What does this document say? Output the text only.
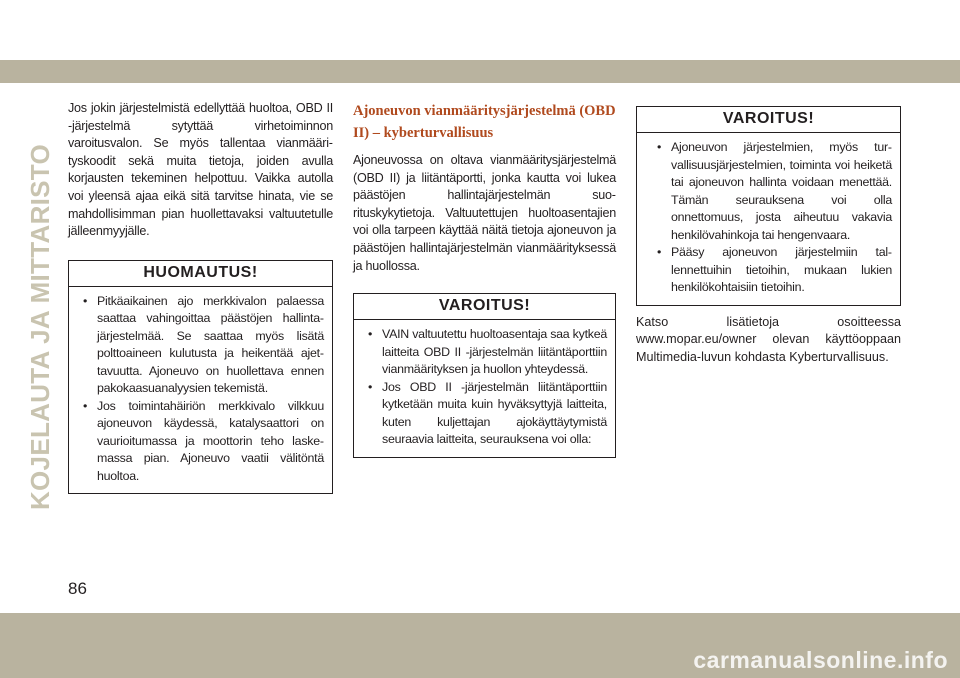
KOJELAUTA JA MITTARISTO

Jos jokin järjestelmistä edellyttää huoltoa, OBD II -järjestelmä sytyttää virhetoiminnon varoitusvalon. Se myös tallentaa vianmäärityskoodit sekä muita tietoja, joiden avulla korjausten tekeminen helpottuu. Vaikka autolla voi yleensä ajaa eikä sitä tarvitse hinata, vie se mahdollisimman pian huollettavaksi valtuutetulle jälleenmyyjälle.

HUOMAUTUS!
• Pitkäaikainen ajo merkkivalon palaessa saattaa vahingoittaa päästöjen hallintajärjestelmää. Se saattaa myös lisätä polttoaineen kulutusta ja heikentää ajettavuutta. Ajoneuvo on huollettava ennen pakokaasuanalyysien tekemistä.
• Jos toimintahäiriön merkkivalo vilkkuu ajoneuvon käydessä, katalysaattori on vaurioitumassa ja moottorin teho laskemassa pian. Ajoneuvo vaatii välitöntä huoltoa.
Ajoneuvon vianmääritysjärjestelmä (OBD II) – kyberturvallisuus

Ajoneuvossa on oltava vianmääritysjärjestelmä (OBD II) ja liitäntäportti, jonka kautta voi lukea päästöjen hallintajärjestelmän suorituskykytietoja. Valtuutettujen huoltoasentajien voi olla tarpeen käyttää näitä tietoja ajoneuvon ja päästöjen hallintajärjestelmän vianmäärityksessä ja huollossa.

VAROITUS!
• VAIN valtuutettu huoltoasentaja saa kytkeä laitteita OBD II -järjestelmän liitäntäporttiin vianmäärityksen ja huollon yhteydessä.
• Jos OBD II -järjestelmän liitäntäporttiin kytketään muita kuin hyväksyttyjä laitteita, kuten kuljettajan ajokäyttäytymistä seuraavia laitteita, seurauksena voi olla:
VAROITUS!
• Ajoneuvon järjestelmien, myös turvallisuusjärjestelmien, toiminta voi heiketä tai ajoneuvon hallinta voidaan menettää. Tämän seurauksena voi olla onnettomuus, josta aiheutuu vakavia henkilövahinkoja tai hengenvaara.
• Pääsy ajoneuvon järjestelmiin tallennettuihin tietoihin, mukaan lukien henkilökohtaisiin tietoihin.

Katso lisätietoja osoitteessa www.mopar.eu/owner olevan käyttöoppaan Multimedia-luvun kohdasta Kyberturvallisuus.

86
carmanualsonline.info
